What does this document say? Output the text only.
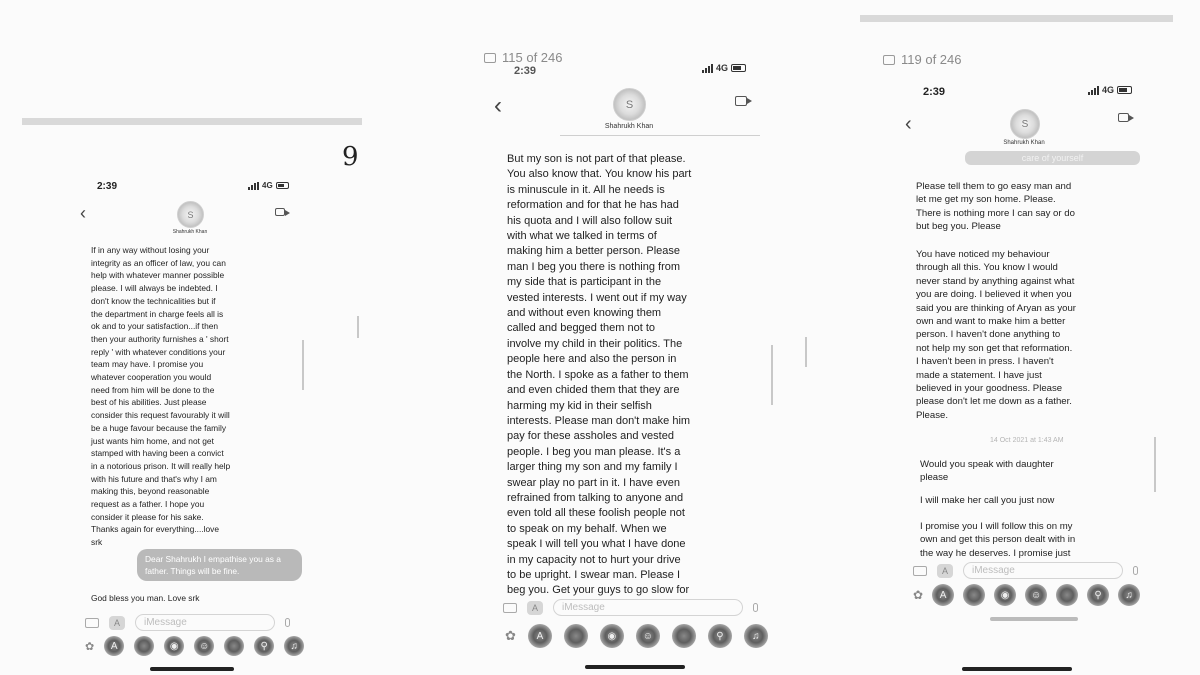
9
2:39	4G
‹	S
Shahrukh Khan
If in any way without losing your
integrity as an officer of law, you can
help with whatever manner possible
please. I will always be indebted. I
don't know the technicalities but if
the department in charge feels all is
ok and to your satisfaction...if then
then your authority furnishes a ' short
reply ' with whatever conditions your
team may have. I promise you
whatever cooperation you would
need from him will be done to the
best of his abilities. Just please
consider this request favourably it will
be a huge favour because the family
just wants him home, and not get
stamped with having been a convict
in a notorious prison. It will really help
with his future and that's why I am
making this, beyond reasonable
request as a father. I hope you
consider it please for his sake.
Thanks again for everything....love
srk
Dear Shahrukh I empathise you as a
father. Things will be fine.
God bless you man. Love srk
A	iMessage
✿	A	◉	☺	⚲	♫
115 of 246
2:39	4G
‹	S
Shahrukh Khan
But my son is not part of that please.
You also know that. You know his part
is minuscule in it. All he needs is
reformation and for that he has had
his quota and I will also follow suit
with what we talked in terms of
making him a better person. Please
man I beg you there is nothing from
my side that is participant in the
vested interests. I went out if my way
and without even knowing them
called and begged them not to
involve my child in their politics. The
people here and also the person in
the North. I spoke as a father to them
and even chided them that they are
harming my kid in their selfish
interests. Please man don't make him
pay for these assholes and vested
people. I beg you man please. It's a
larger thing my son and my family I
swear play no part in it. I have even
refrained from talking to anyone and
even told all these foolish people not
to speak on my behalf. When we
speak I will tell you what I have done
in my capacity not to hurt your drive
to be upright. I swear man. Please I
beg you. Get your guys to go slow for
A	iMessage
✿	A	◉	☺	⚲	♫
119 of 246
2:39	4G
‹	S
Shahrukh Khan
care of yourself
Please tell them to go easy man and
let me get my son home. Please.
There is nothing more I can say or do
but beg you. Please
You have noticed my behaviour
through all this. You know I would
never stand by anything against what
you are doing. I believed it when you
said you are thinking of Aryan as your
own and want to make him a better
person. I haven't done anything to
not help my son get that reformation.
I haven't been in press. I haven't
made a statement. I have just
believed in your goodness. Please
please don't let me down as a father.
Please.
14 Oct 2021 at 1:43 AM
Would you speak with daughter
please
I will make her call you just now
I promise you I will follow this on my
own and get this person dealt with in
the way he deserves. I promise just
A	iMessage
✿	A	◉	☺	⚲	♫
